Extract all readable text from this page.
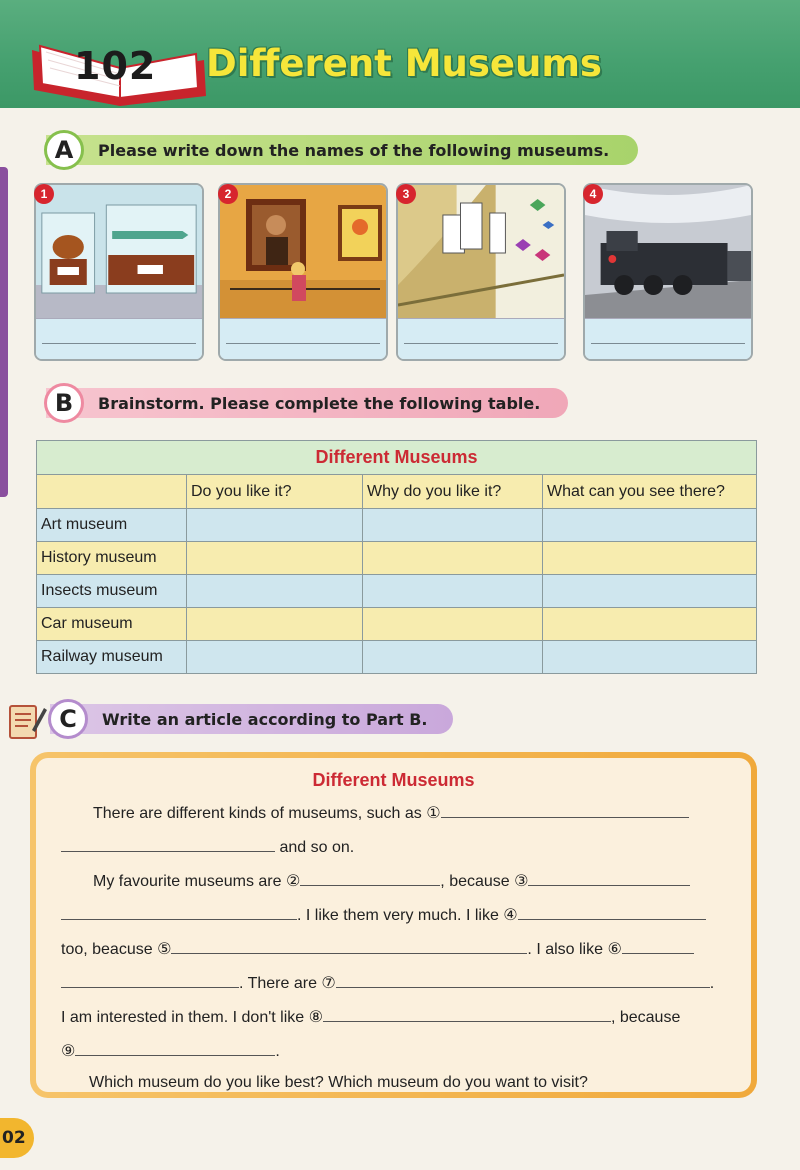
102 Different Museums
A	Please write down the names of the following museums.
1	2	3	4
B	Brainstorm. Please complete the following table.
Different Museums			
	Do you like it?	Why do you like it?	What can you see there?
Art museum			
History museum			
Insects museum			
Car museum			
Railway museum			
C	Write an article according to Part B.
Different Museums
There are different kinds of museums, such as ①
and so on.
My favourite museums are ②	, because ③
. I like them very much. I like ④
too, beacuse ⑤	. I also like ⑥
. There are ⑦	.
I am interested in them. I don't like ⑧	, because
⑨	.
Which museum do you like best? Which museum do you want to visit?
02
